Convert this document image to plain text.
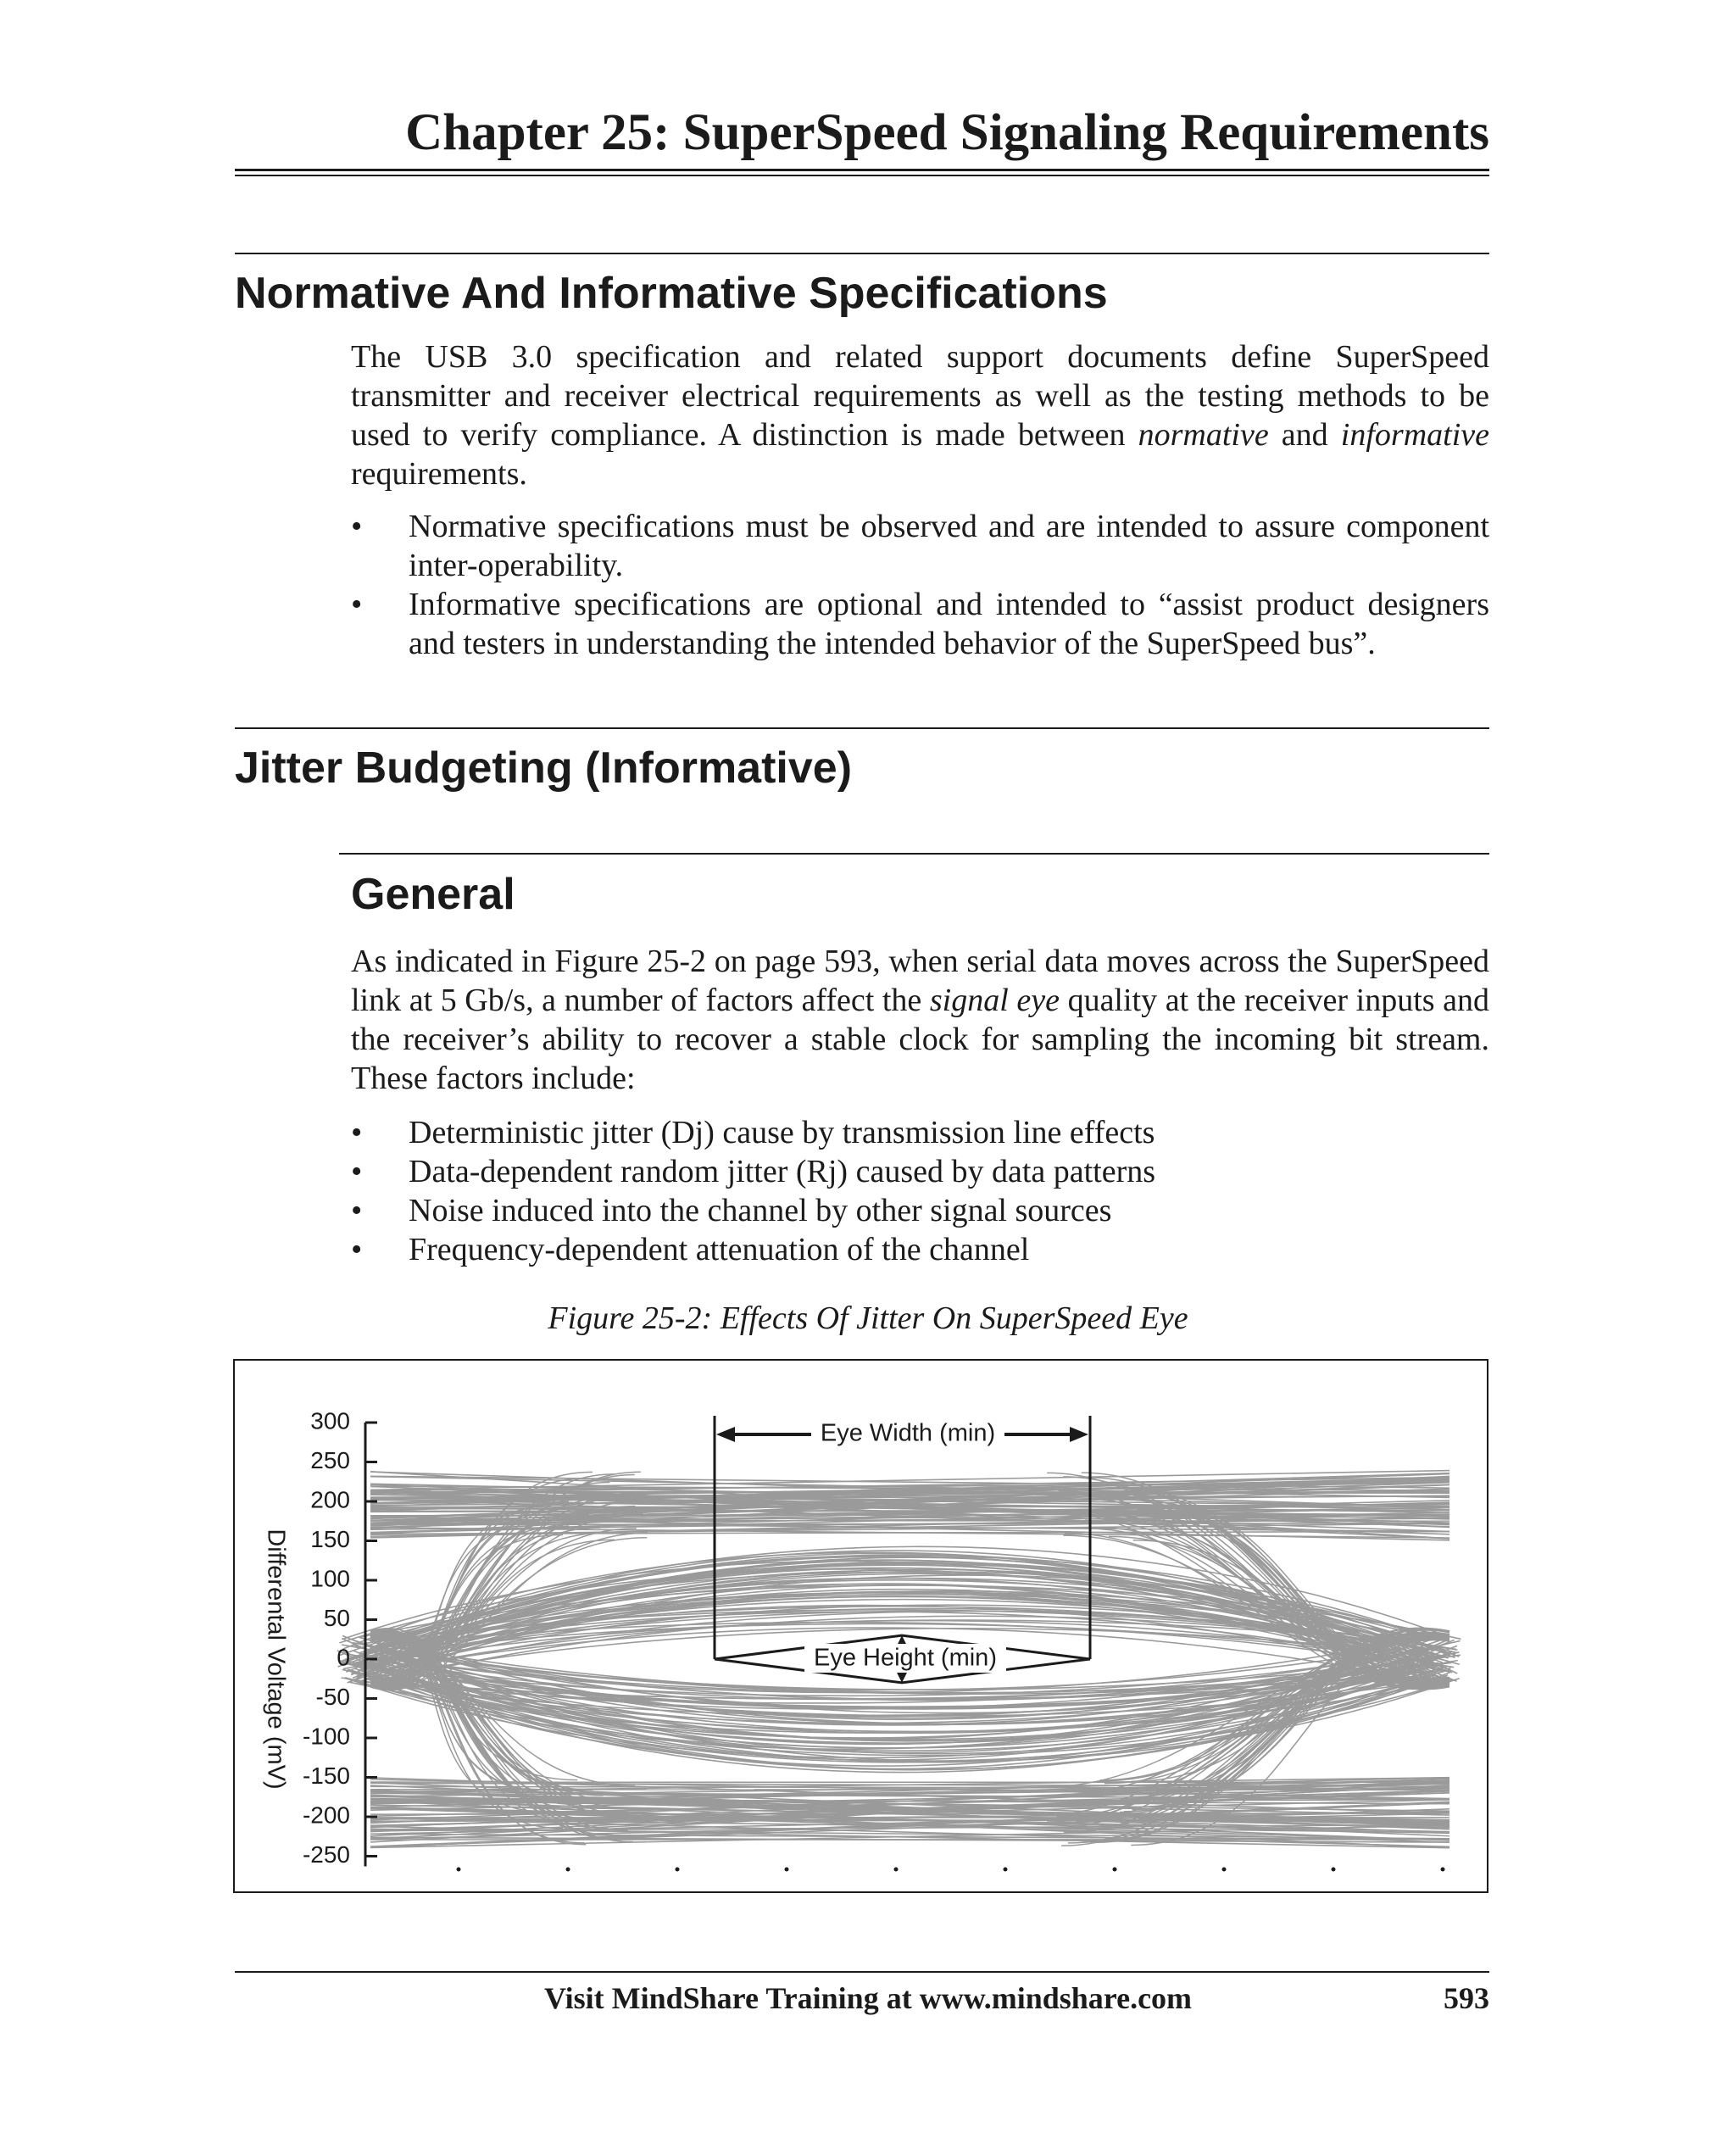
Chapter 25: SuperSpeed Signaling Requirements
Normative And Informative Specifications

The USB 3.0 specification and related support documents define SuperSpeed transmitter and receiver electrical requirements as well as the testing methods to be used to verify compliance. A distinction is made between normative and informative requirements.

• Normative specifications must be observed and are intended to assure component inter-operability.
• Informative specifications are optional and intended to “assist product designers and testers in understanding the intended behavior of the SuperSpeed bus”.
Jitter Budgeting (Informative)
General

As indicated in Figure 25-2 on page 593, when serial data moves across the SuperSpeed link at 5 Gb/s, a number of factors affect the signal eye quality at the receiver inputs and the receiver’s ability to recover a stable clock for sampling the incoming bit stream. These factors include:

• Deterministic jitter (Dj) cause by transmission line effects
• Data-dependent random jitter (Rj) caused by data patterns
• Noise induced into the channel by other signal sources
• Frequency-dependent attenuation of the channel
Figure 25-2: Effects Of Jitter On SuperSpeed Eye
300
250
200
150
100
50
0
-50
-100
-150
-200
-250
Eye Width (min)
Eye Height (min)
Differental Voltage (mV)
Visit MindShare Training at www.mindshare.com	593
